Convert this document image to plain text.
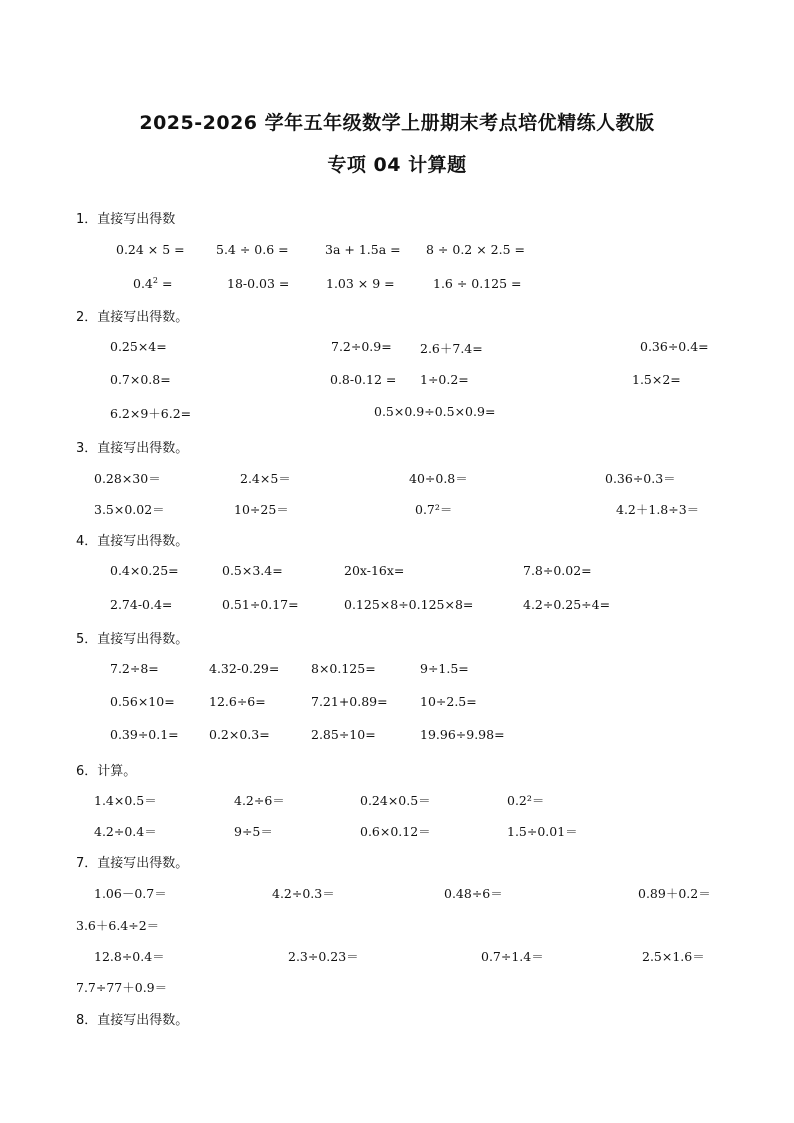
2025-2026 学年五年级数学上册期末考点培优精练人教版
专项 04 计算题
1．直接写出得数
0.24 × 5 =	5.4 ÷ 0.6 =	3a + 1.5a = 8 ÷ 0.2 × 2.5 =
$0.4^2$ =	18-0.03 =	1.03 × 9 =	1.6 ÷ 0.125 =
2．直接写出得数。
0.25×4=	7.2÷0.9= 2.6＋7.4=	0.36÷0.4=
0.7×0.8=	0.8-0.12 = 1÷0.2=	1.5×2=
6.2×9＋6.2=	0.5×0.9÷0.5×0.9=
3．直接写出得数。
0.28×30＝	2.4×5＝	40÷0.8＝	0.36÷0.3＝
3.5×0.02＝	10÷25＝	0.7²＝	4.2＋1.8÷3＝
4．直接写出得数。
0.4×0.25=	0.5×3.4=	20x-16x=	7.8÷0.02=
2.74-0.4=	0.51÷0.17=	0.125×8÷0.125×8=	4.2÷0.25÷4=
5．直接写出得数。
7.2÷8=	4.32-0.29=	8×0.125=	9÷1.5=
0.56×10=	12.6÷6=	7.21+0.89=	10÷2.5=
0.39÷0.1= 0.2×0.3=	2.85÷10=	19.96÷9.98=
6．计算。
1.4×0.5＝	4.2÷6＝	0.24×0.5＝	0.2²＝
4.2÷0.4＝	9÷5＝	0.6×0.12＝	1.5÷0.01＝
7．直接写出得数。
1.06－0.7＝	4.2÷0.3＝	0.48÷6＝	0.89＋0.2＝
3.6＋6.4÷2＝
12.8÷0.4＝	2.3÷0.23＝	0.7÷1.4＝	2.5×1.6＝
7.7÷77＋0.9＝
8．直接写出得数。
